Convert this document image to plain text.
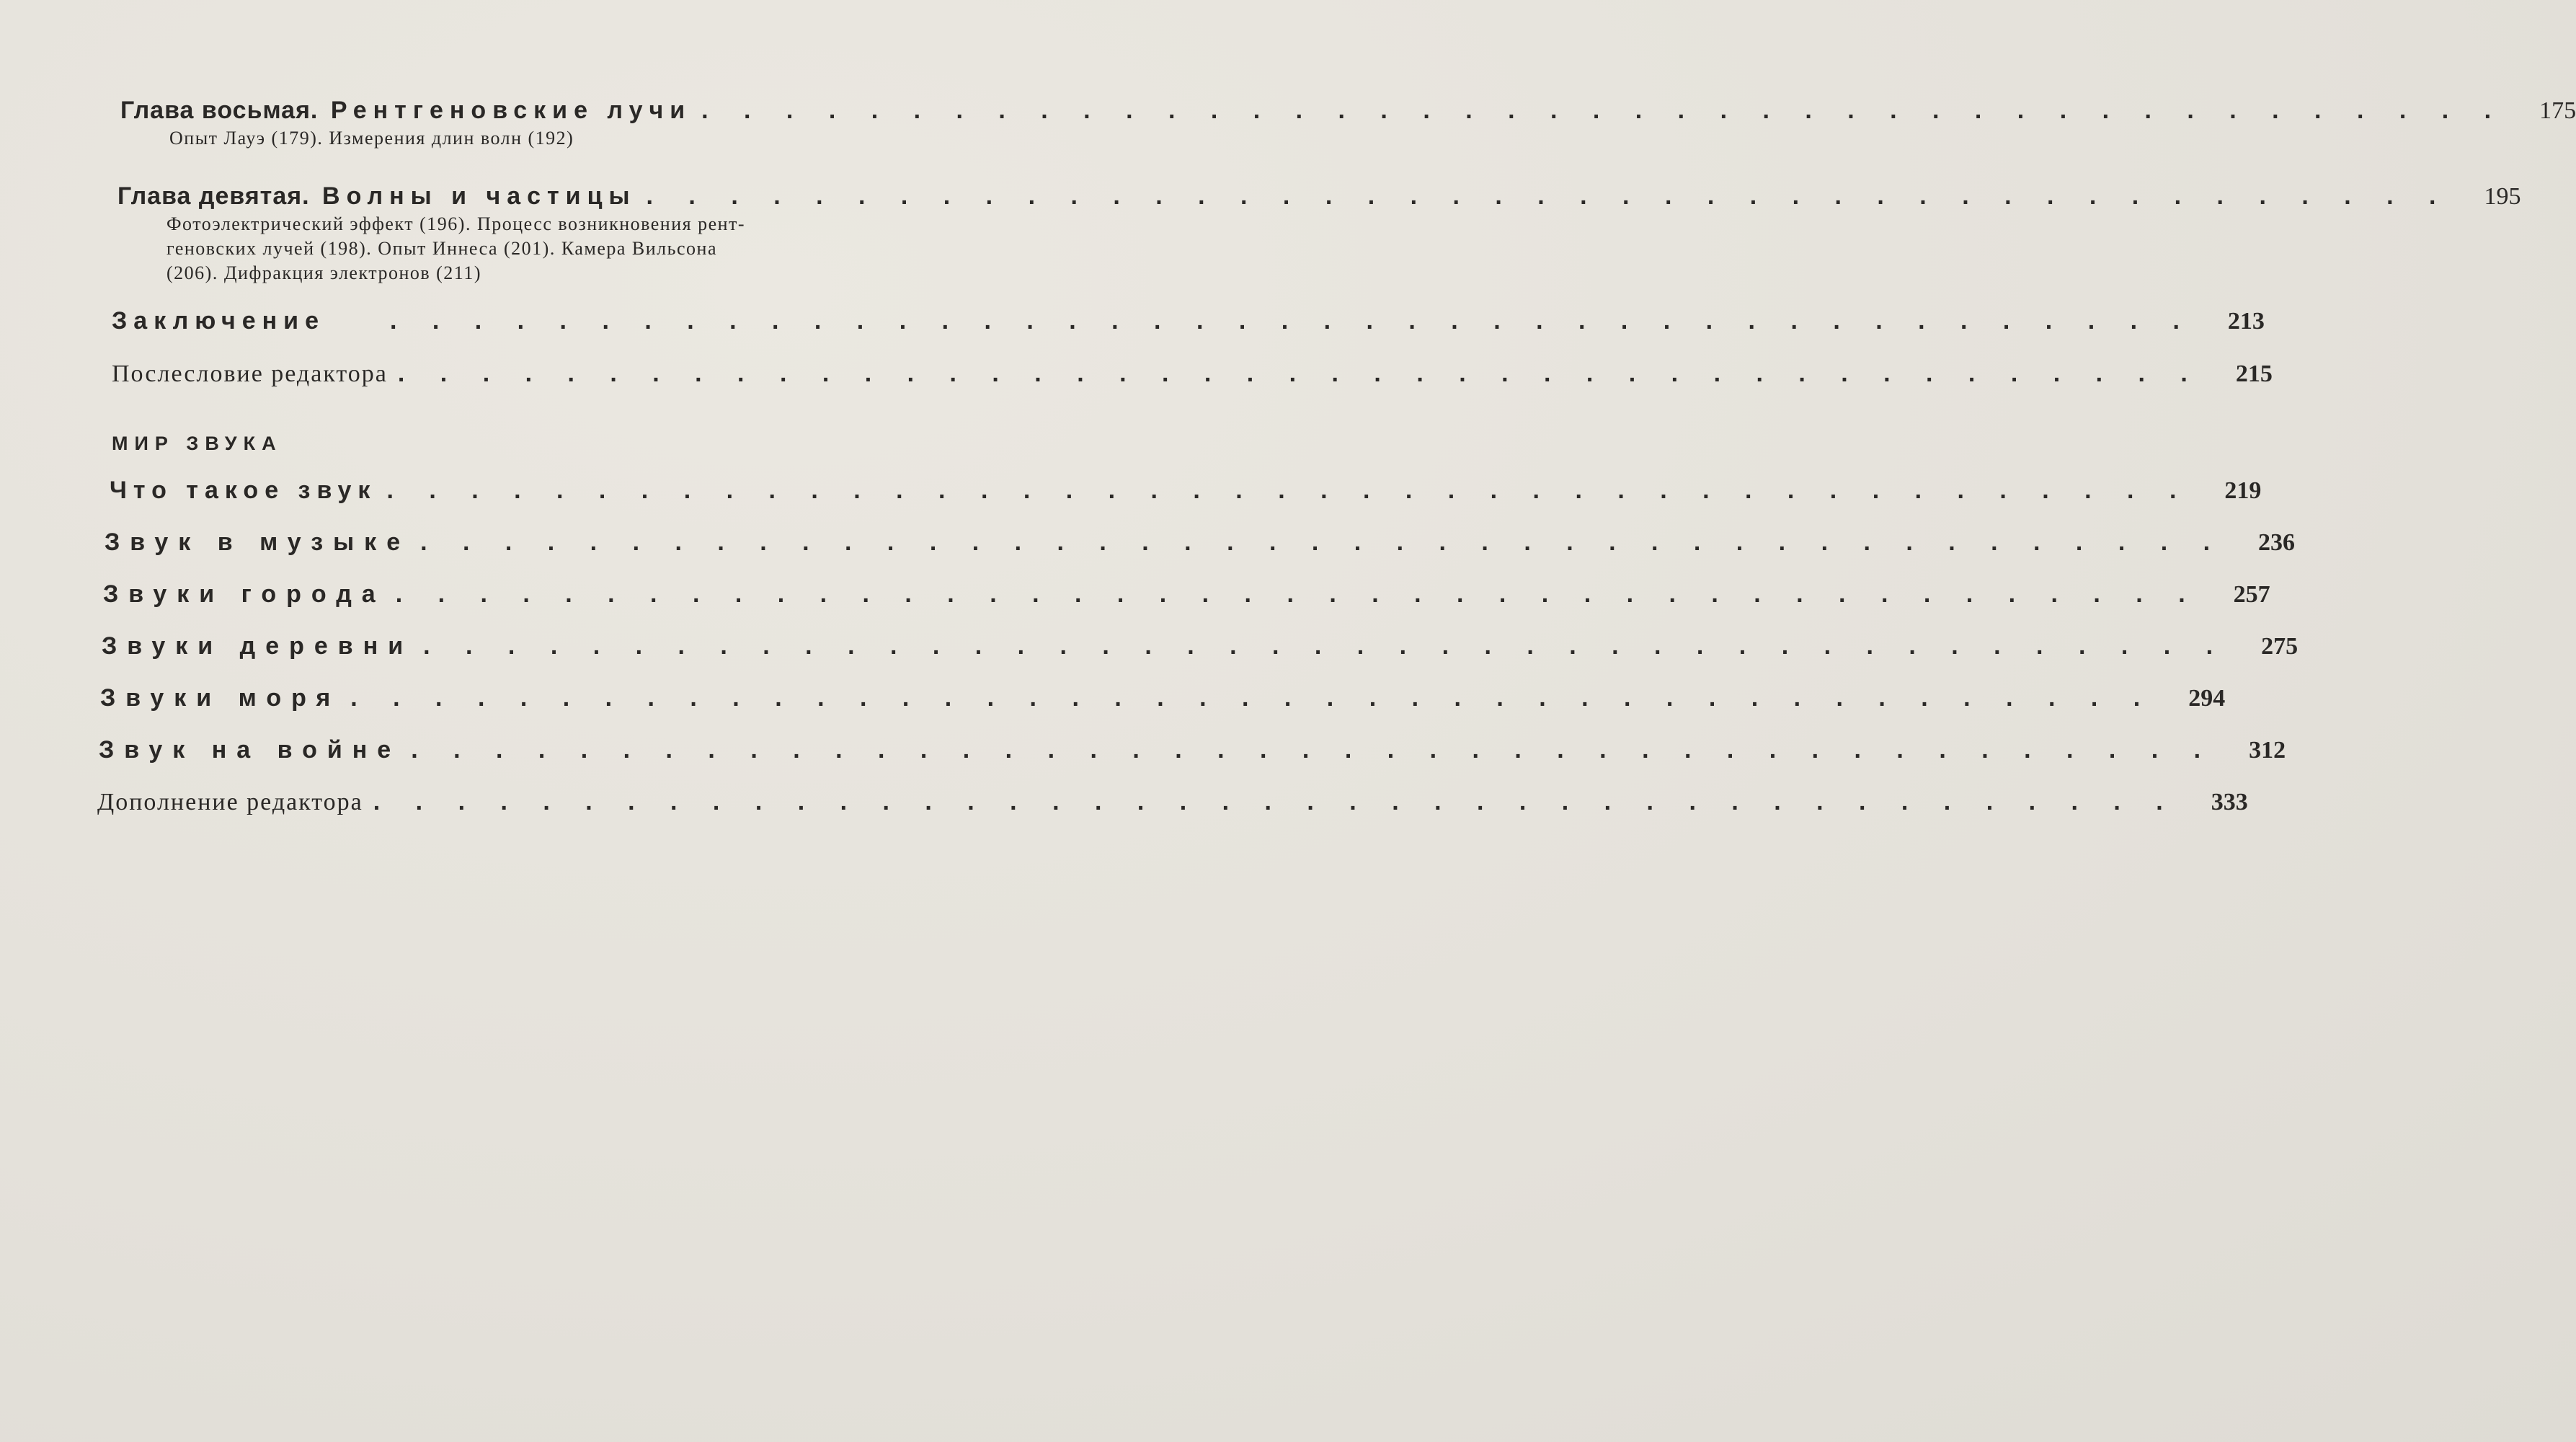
Глава восьмая. Рентгеновские лучи . . . . . . . . . . . . . . . . . . . . . . . . . . . . . . . . . . . . . . . . . . .	175
Опыт Лауэ (179). Измерения длин волн (192)
Глава девятая. Волны и частицы . . . . . . . . . . . . . . . . . . . . . . . . . . . . . . . . . . . . . . . . . . .	195
Фотоэлектрический эффект (196). Процесс возникновения рент-
геновских лучей (198). Опыт Иннеса (201). Камера Вильсона
(206). Дифракция электронов (211)
Заключение	. . . . . . . . . . . . . . . . . . . . . . . . . . . . . . . . . . . . . . . . . . .	213
Послесловие редактора . . . . . . . . . . . . . . . . . . . . . . . . . . . . . . . . . . . . . . . . . . .	215
МИР ЗВУКА
Что такое звук . . . . . . . . . . . . . . . . . . . . . . . . . . . . . . . . . . . . . . . . . . .	219
Звук в музыке . . . . . . . . . . . . . . . . . . . . . . . . . . . . . . . . . . . . . . . . . . .	236
Звуки города . . . . . . . . . . . . . . . . . . . . . . . . . . . . . . . . . . . . . . . . . . .	257
Звуки деревни . . . . . . . . . . . . . . . . . . . . . . . . . . . . . . . . . . . . . . . . . . .	275
Звуки моря . . . . . . . . . . . . . . . . . . . . . . . . . . . . . . . . . . . . . . . . . . .	294
Звук на войне . . . . . . . . . . . . . . . . . . . . . . . . . . . . . . . . . . . . . . . . . . .	312
Дополнение редактора . . . . . . . . . . . . . . . . . . . . . . . . . . . . . . . . . . . . . . . . . . .	333
